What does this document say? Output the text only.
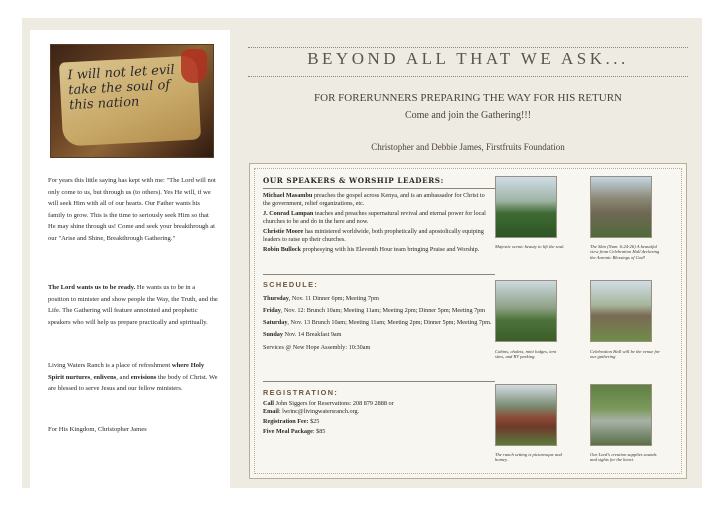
I will not let evil take the soul of this nation

For years this little saying has kept with me: "The Lord will not only come to us, but through us (to others). Yes He will, if we will seek Him with all of our hearts. Our Father wants his family to grow. This is the time to seriously seek Him so that He may shine through us! Come and seek your breakthrough at our "Arise and Shine, Breakthrough Gathering."

The Lord wants us to be ready. He wants us to be in a position to minister and show people the Way, the Truth, and the Life. The Gathering will feature annointed and prophetic speakers who will help us prepare practically and spiritually.

Living Waters Ranch is a place of refreshment where Holy Spirit nurtures, enlivens, and envisions the body of Christ. We are blessed to serve Jesus and our fellow ministers.

For His Kingdom, Christopher James

BEYOND ALL THAT WE ASK...
FOR FORERUNNERS PREPARING THE WAY FOR HIS RETURN
Come and join the Gathering!!!
Christopher and Debbie James, Firstfruits Foundation
OUR SPEAKERS & WORSHIP LEADERS:
Michael Masambu preaches the gospel across Kenya, and is an ambassador for Christ to the government, relief organizations, etc.
J. Conrad Lampan teaches and preaches supernatural revival and eternal power for local churches to be and do in the here and now.
Christie Moore has ministered worldwide, both prophetically and apostolically equiping leaders to raise up their churches.
Robin Bullock prophesying with his Eleventh Hour team bringing Praise and Worship.
SCHEDULE:
Thursday, Nov. 11 Dinner 6pm; Meeting 7pm
Friday, Nov. 12: Brunch 10am; Meeting 11am; Meeting 2pm; Dinner 5pm; Meeting 7pm
Saturday, Nov. 13 Brunch 10am; Meeting 11am; Meeting 2pm; Dinner 5pm; Meeting 7pm.
Sunday Nov. 14 Breakfast 9am
Services @ New Hope Assembly: 10:30am
REGISTRATION:
Call John Siggers for Reservations: 208 879 2888 or
Email: lwrinc@livingwatersranch.org.
Registration Fee: $25
Five Meal Package: $85
Majestic scenic beauty to lift the soul.	The Skin (Num. 6:24-26) A beautiful view from Celebration Hall declaring the Aaronic Blessings of God!
Cabins, chalets, mini lodges, tent sites, and RV parking.
Celebration Hall will be the venue for our gathering
The ranch setting is picturesque and homey.
Our Lord's creation supplies sounds and sights for the heart.
